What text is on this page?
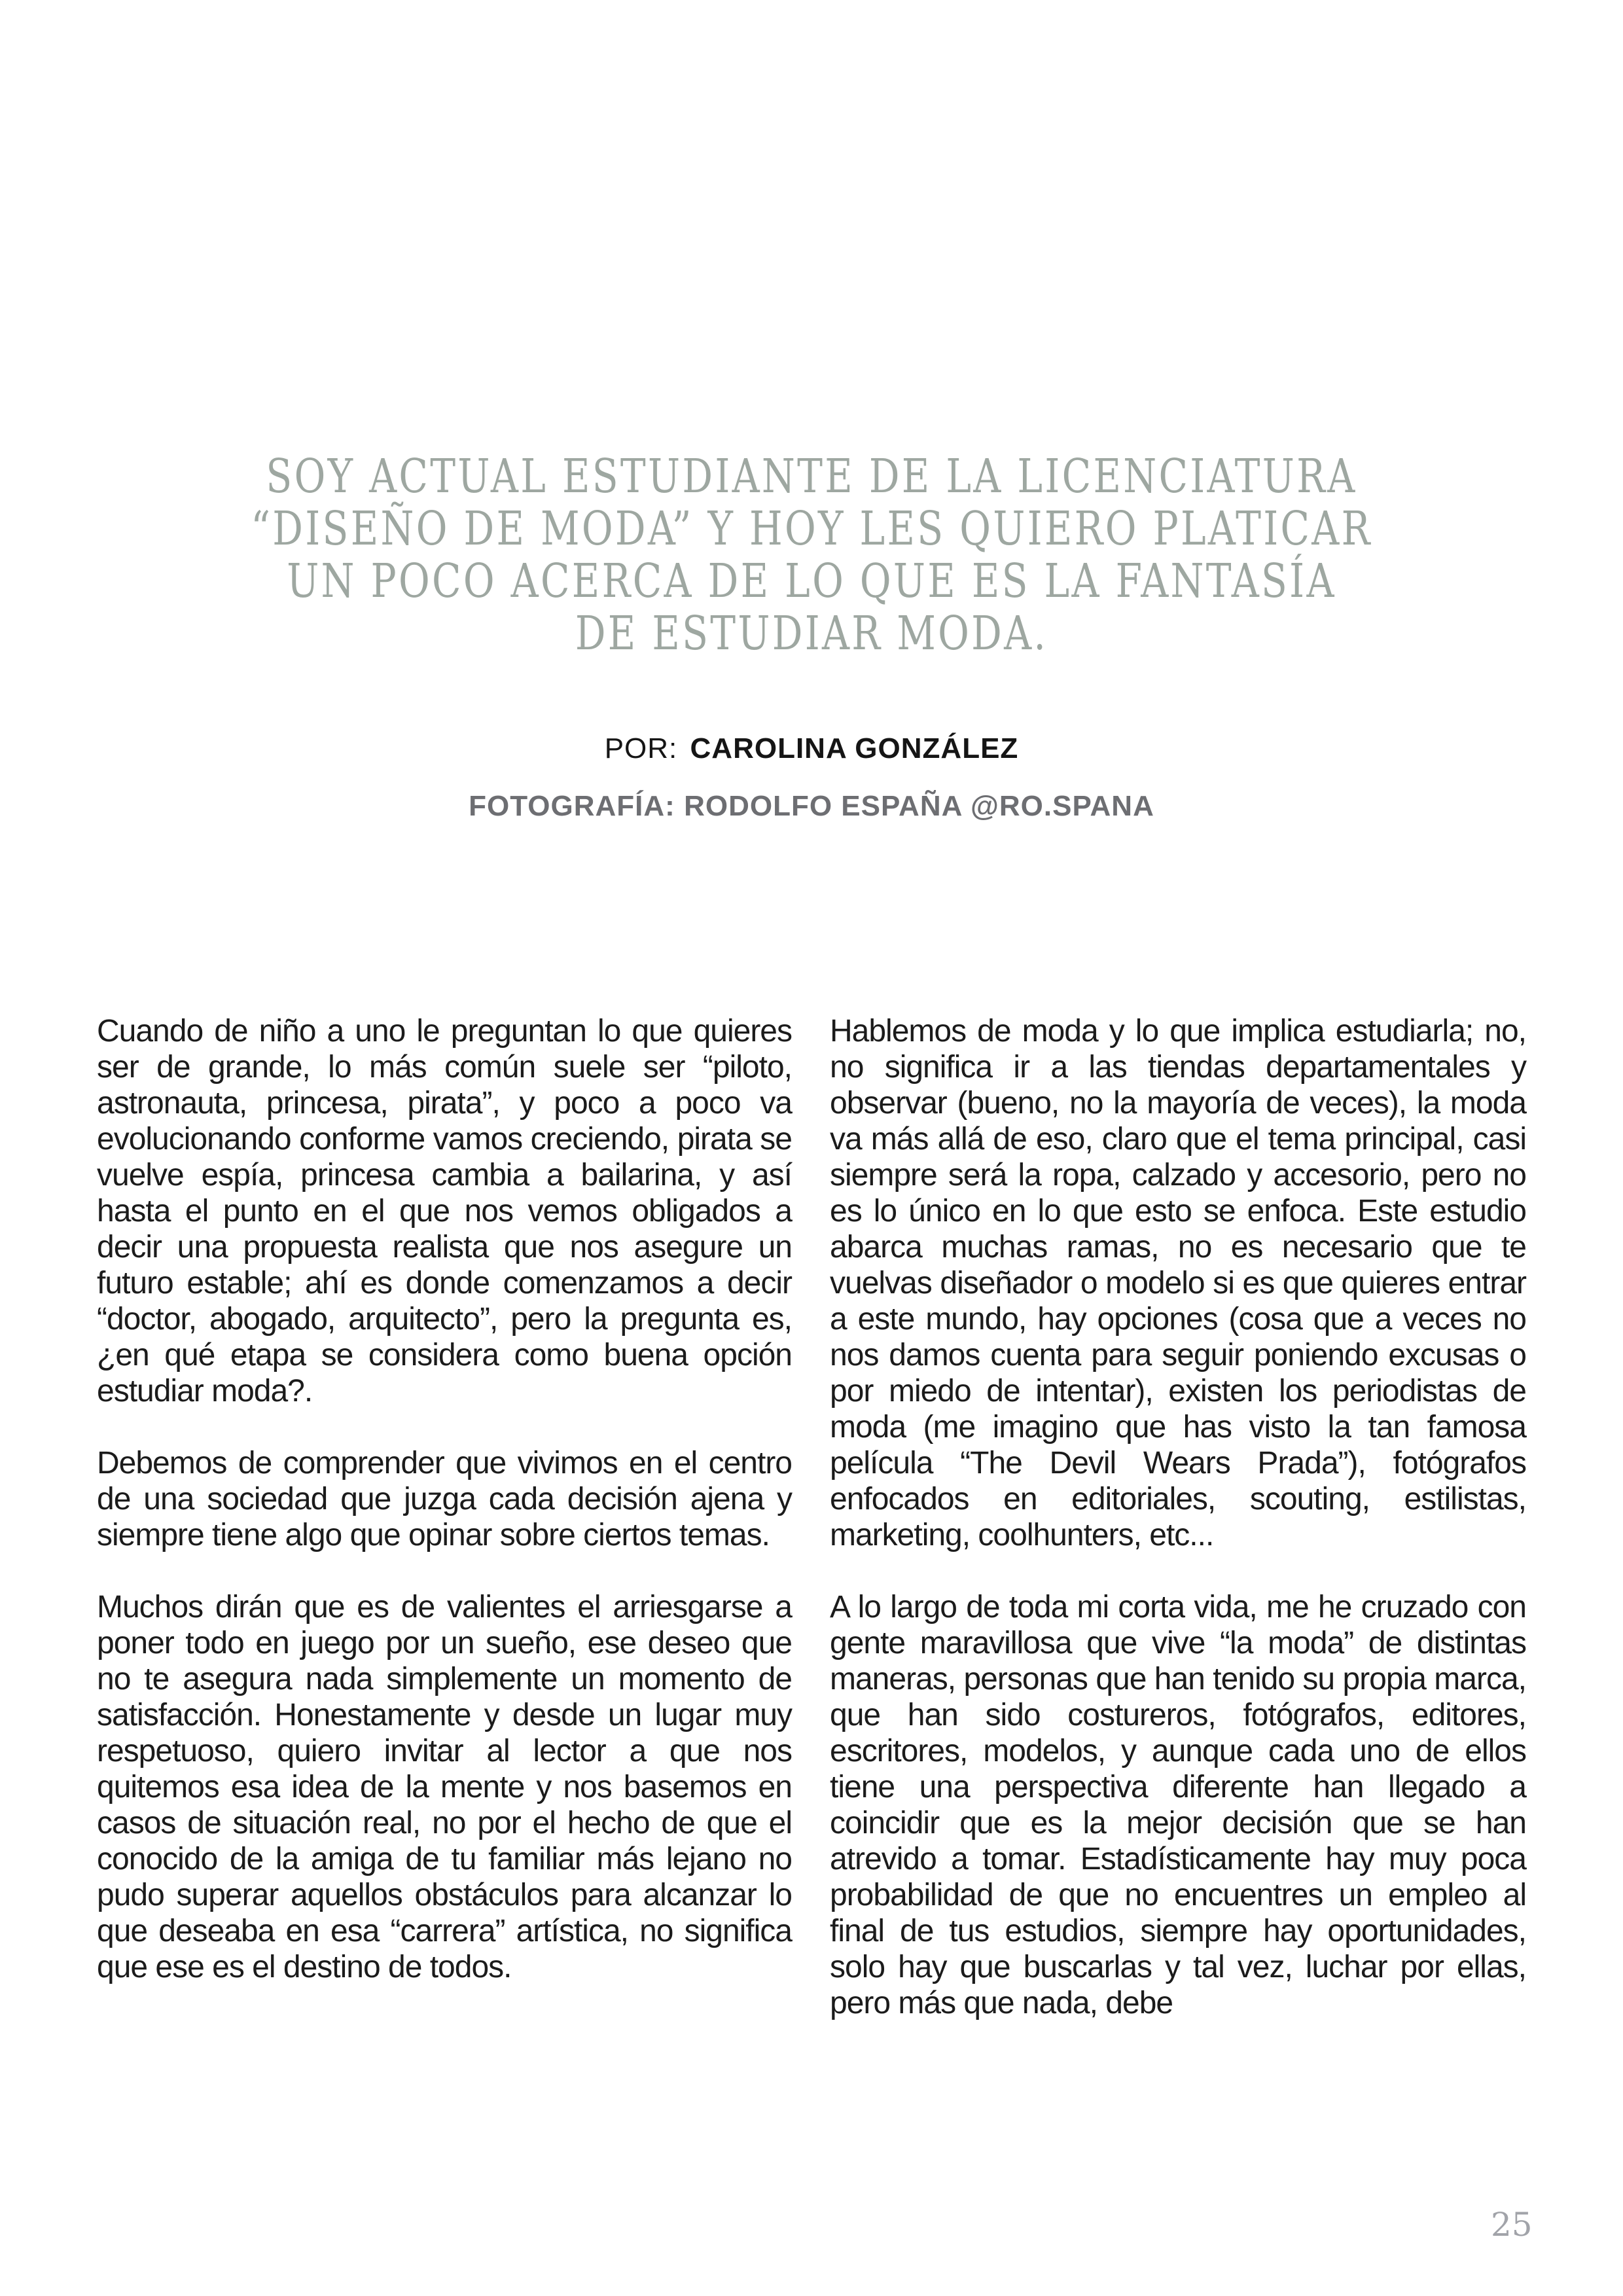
SOY ACTUAL ESTUDIANTE DE LA LICENCIATURA
“DISEÑO DE MODA” Y HOY LES QUIERO PLATICAR
UN POCO ACERCA DE LO QUE ES LA FANTASÍA
DE ESTUDIAR MODA.
POR: CAROLINA GONZÁLEZ
FOTOGRAFÍA: RODOLFO ESPAÑA @RO.SPANA

Cuando de niño a uno le preguntan lo que quieres ser de grande, lo más común suele ser “piloto, astronauta, princesa, pirata”, y poco a poco va evolucionando conforme vamos creciendo, pirata se vuelve espía, princesa cambia a bailarina, y así hasta el punto en el que nos vemos obligados a decir una propuesta realista que nos asegure un futuro estable; ahí es donde comenzamos a decir “doctor, abogado, arquitecto”, pero la pregunta es, ¿en qué etapa se considera como buena opción estudiar moda?.

Debemos de comprender que vivimos en el centro de una sociedad que juzga cada decisión ajena y siempre tiene algo que opinar sobre ciertos temas.

Muchos dirán que es de valientes el arriesgarse a poner todo en juego por un sueño, ese deseo que no te asegura nada simplemente un momento de satisfacción. Honestamente y desde un lugar muy respetuoso, quiero invitar al lector a que nos quitemos esa idea de la mente y nos basemos en casos de situación real, no por el hecho de que el conocido de la amiga de tu familiar más lejano no pudo superar aquellos obstáculos para alcanzar lo que deseaba en esa “carrera” artística, no significa que ese es el destino de todos.

Hablemos de moda y lo que implica estudiarla; no, no significa ir a las tiendas departamentales y observar (bueno, no la mayoría de veces), la moda va más allá de eso, claro que el tema principal, casi siempre será la ropa, calzado y accesorio, pero no es lo único en lo que esto se enfoca. Este estudio abarca muchas ramas, no es necesario que te vuelvas diseñador o modelo si es que quieres entrar a este mundo, hay opciones (cosa que a veces no nos damos cuenta para seguir poniendo excusas o por miedo de intentar), existen los periodistas de moda (me imagino que has visto la tan famosa película “The Devil Wears Prada”), fotógrafos enfocados en editoriales, scouting, estilistas, marketing, coolhunters, etc...

A lo largo de toda mi corta vida, me he cruzado con gente maravillosa que vive “la moda” de distintas maneras, personas que han tenido su propia marca, que han sido costureros, fotógrafos, editores, escritores, modelos, y aunque cada uno de ellos tiene una perspectiva diferente han llegado a coincidir que es la mejor decisión que se han atrevido a tomar. Estadísticamente hay muy poca probabilidad de que no encuentres un empleo al final de tus estudios, siempre hay oportunidades, solo hay que buscarlas y tal vez, luchar por ellas, pero más que nada, debe

25
